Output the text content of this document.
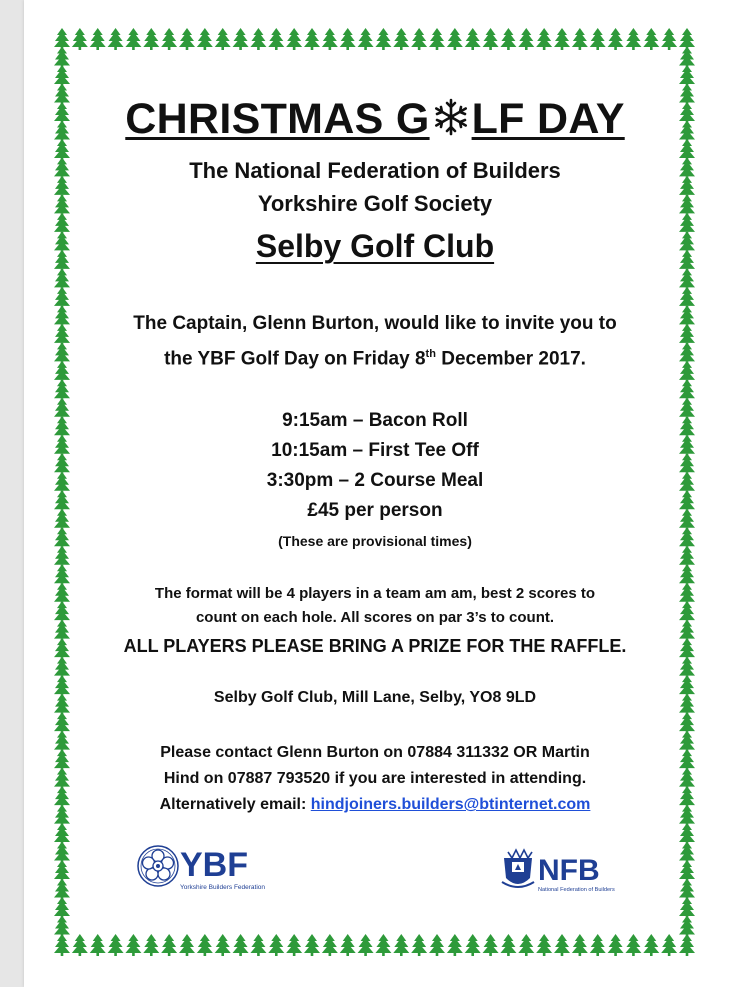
CHRISTMAS G LF DAY
The National Federation of Builders
Yorkshire Golf Society
Selby Golf Club
The Captain, Glenn Burton, would like to invite you to
the YBF Golf Day on Friday 8th December 2017.
9:15am – Bacon Roll
10:15am – First Tee Off
3:30pm – 2 Course Meal
£45 per person
(These are provisional times)
The format will be 4 players in a team am am, best 2 scores to
count on each hole. All scores on par 3’s to count.
ALL PLAYERS PLEASE BRING A PRIZE FOR THE RAFFLE.
Selby Golf Club, Mill Lane, Selby, YO8 9LD
Please contact Glenn Burton on 07884 311332 OR Martin
Hind on 07887 793520 if you are interested in attending.
Alternatively email: hindjoiners.builders@btinternet.com
YBF
Yorkshire Builders Federation
NFB
National Federation of Builders
